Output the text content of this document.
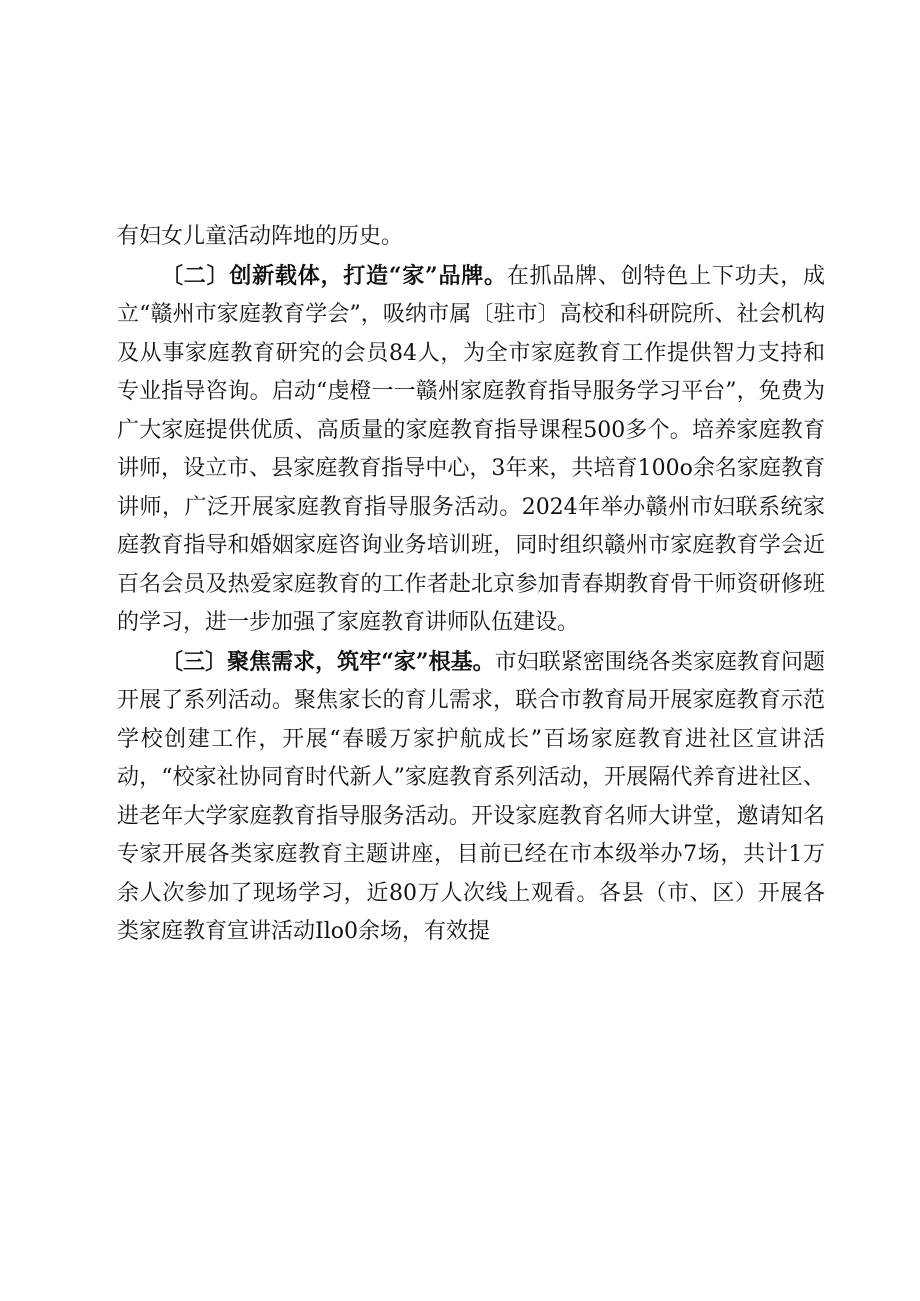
有妇女儿童活动阵地的历史。

〔二〕创新载体，打造“家”品牌。在抓品牌、创特色上下功夫，成立“赣州市家庭教育学会”，吸纳市属〔驻市〕高校和科研院所、社会机构及从事家庭教育研究的会员84人，为全市家庭教育工作提供智力支持和专业指导咨询。启动“虔橙一一赣州家庭教育指导服务学习平台”，免费为广大家庭提供优质、高质量的家庭教育指导课程500多个。培养家庭教育讲师，设立市、县家庭教育指导中心，3年来，共培育100o余名家庭教育讲师，广泛开展家庭教育指导服务活动。2024年举办赣州市妇联系统家庭教育指导和婚姻家庭咨询业务培训班，同时组织赣州市家庭教育学会近百名会员及热爱家庭教育的工作者赴北京参加青春期教育骨干师资研修班的学习，进一步加强了家庭教育讲师队伍建设。

〔三〕聚焦需求，筑牢“家”根基。市妇联紧密围绕各类家庭教育问题开展了系列活动。聚焦家长的育儿需求，联合市教育局开展家庭教育示范学校创建工作，开展“春暖万家护航成长”百场家庭教育进社区宣讲活动，“校家社协同育时代新人”家庭教育系列活动，开展隔代养育进社区、进老年大学家庭教育指导服务活动。开设家庭教育名师大讲堂，邀请知名专家开展各类家庭教育主题讲座，目前已经在市本级举办7场，共计1万余人次参加了现场学习，近80万人次线上观看。各县（市、区）开展各类家庭教育宣讲活动Ilo0余场，有效提
